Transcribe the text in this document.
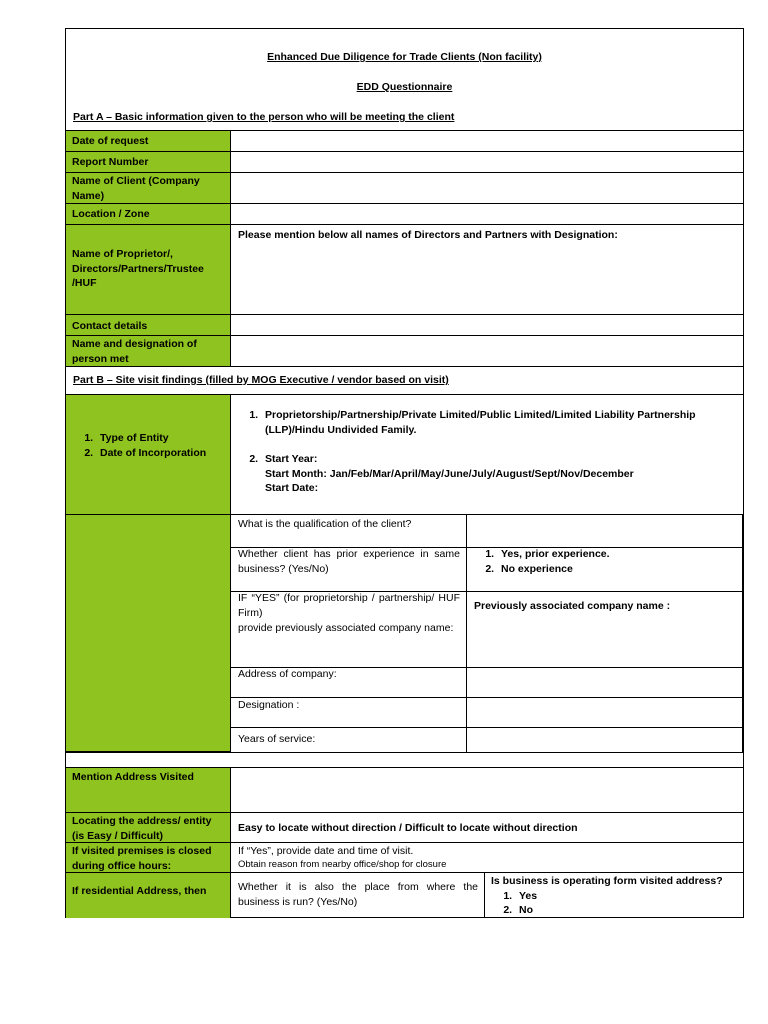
Enhanced Due Diligence for Trade Clients (Non facility)
EDD Questionnaire
Part A – Basic information given to the person who will be meeting the client
Date of request
Report Number
Name of Client (Company Name)
Location / Zone
Name of Proprietor/, Directors/Partners/Trustee /HUF
Please mention below all names of Directors and Partners with Designation:
Contact details
Name and designation of person met
Part B – Site visit findings (filled by MOG Executive / vendor based on visit)
1. Type of Entity
2. Date of Incorporation
1. Proprietorship/Partnership/Private Limited/Public Limited/Limited Liability Partnership (LLP)/Hindu Undivided Family.
2. Start Year:
Start Month: Jan/Feb/Mar/April/May/June/July/August/Sept/Nov/December
Start Date:
What is the qualification of the client?
Whether client has prior experience in same business? (Yes/No)
1. Yes, prior experience.
2. No experience
IF “YES” (for proprietorship / partnership/ HUF Firm)
provide previously associated company name:
Previously associated company name :
Address of company:
Designation :
Years of service:
Mention Address Visited
Locating the address/ entity (is Easy / Difficult)
Easy to locate without direction / Difficult to locate without direction
If visited premises is closed during office hours:
If “Yes”, provide date and time of visit.
Obtain reason from nearby office/shop for closure
If residential Address, then	Whether it is also the place from where the business is run? (Yes/No)
Is business is operating form visited address?
1. Yes
2. No
